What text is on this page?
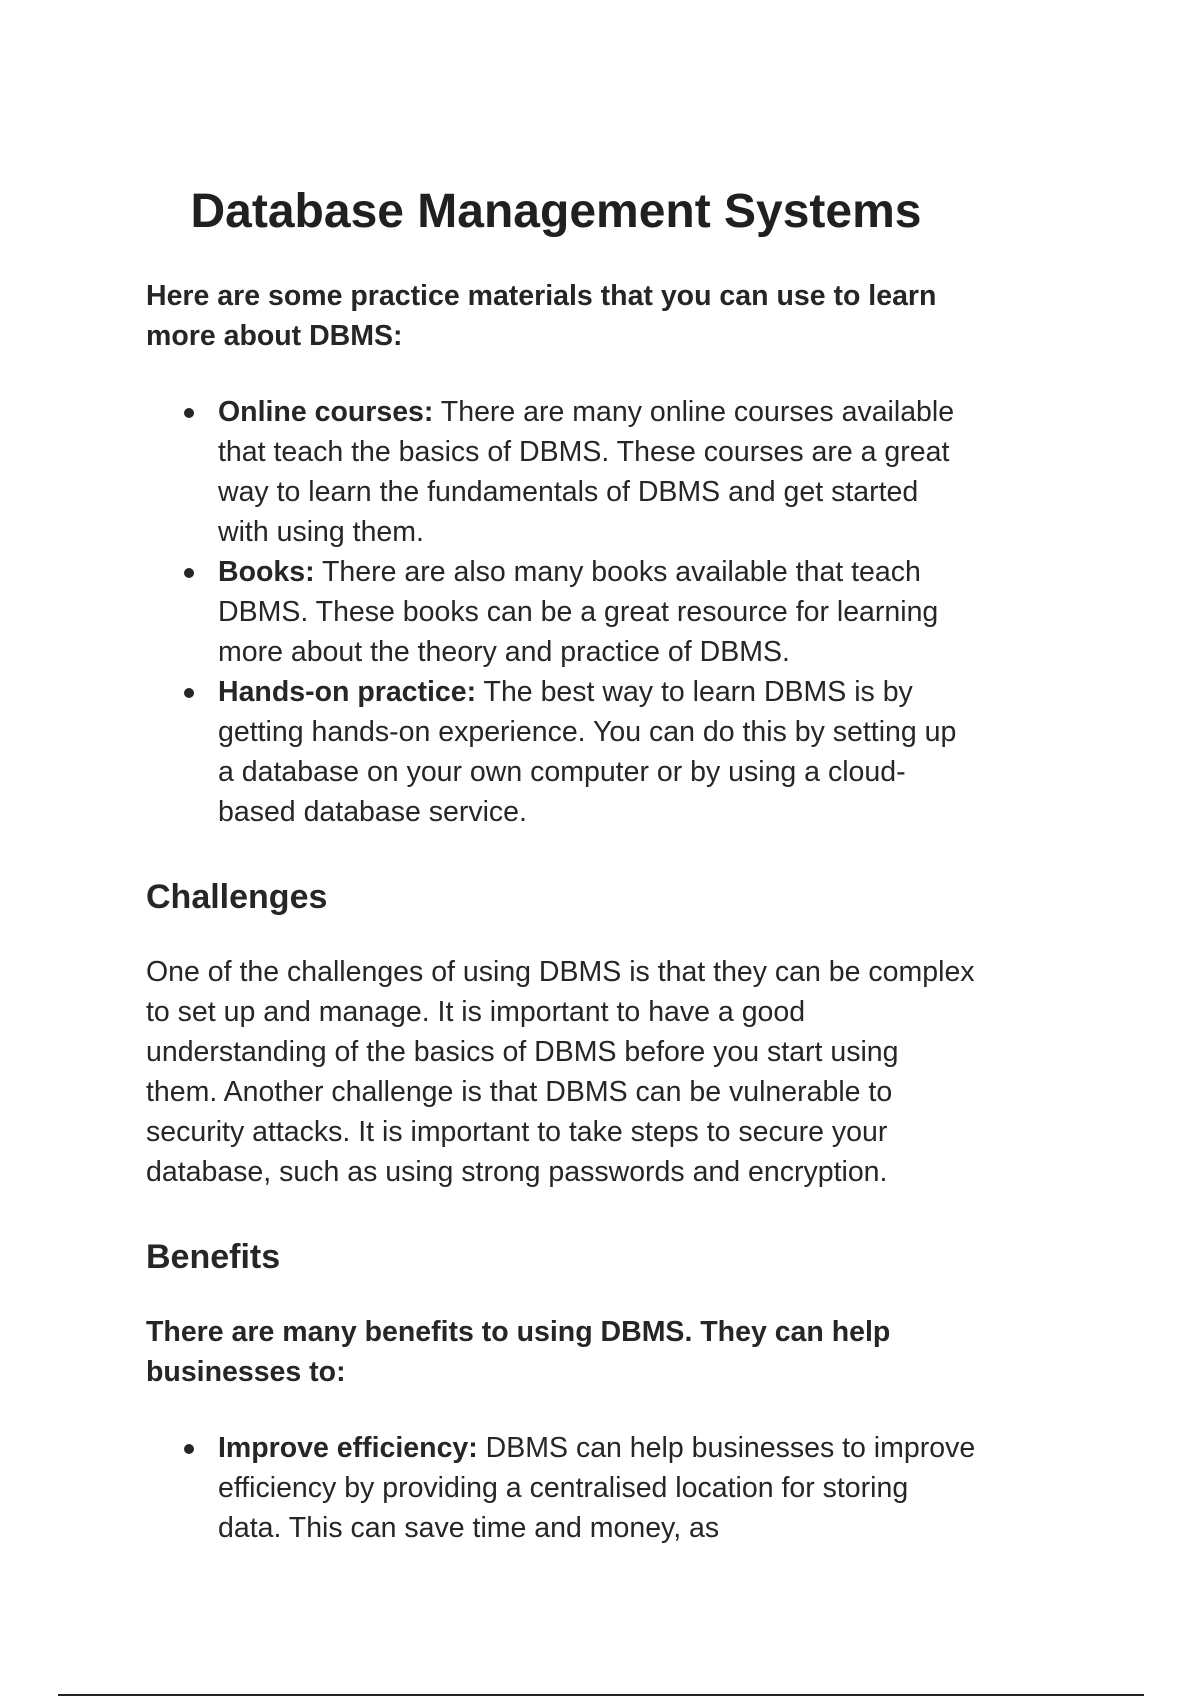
Database Management Systems

Here are some practice materials that you can use to learn more about DBMS:

Online courses: There are many online courses available that teach the basics of DBMS. These courses are a great way to learn the fundamentals of DBMS and get started with using them.
Books: There are also many books available that teach DBMS. These books can be a great resource for learning more about the theory and practice of DBMS.
Hands-on practice: The best way to learn DBMS is by getting hands-on experience. You can do this by setting up a database on your own computer or by using a cloud-based database service.
Challenges

One of the challenges of using DBMS is that they can be complex to set up and manage. It is important to have a good understanding of the basics of DBMS before you start using them. Another challenge is that DBMS can be vulnerable to security attacks. It is important to take steps to secure your database, such as using strong passwords and encryption.

Benefits

There are many benefits to using DBMS. They can help businesses to:

Improve efficiency: DBMS can help businesses to improve efficiency by providing a centralised location for storing data. This can save time and money, as
